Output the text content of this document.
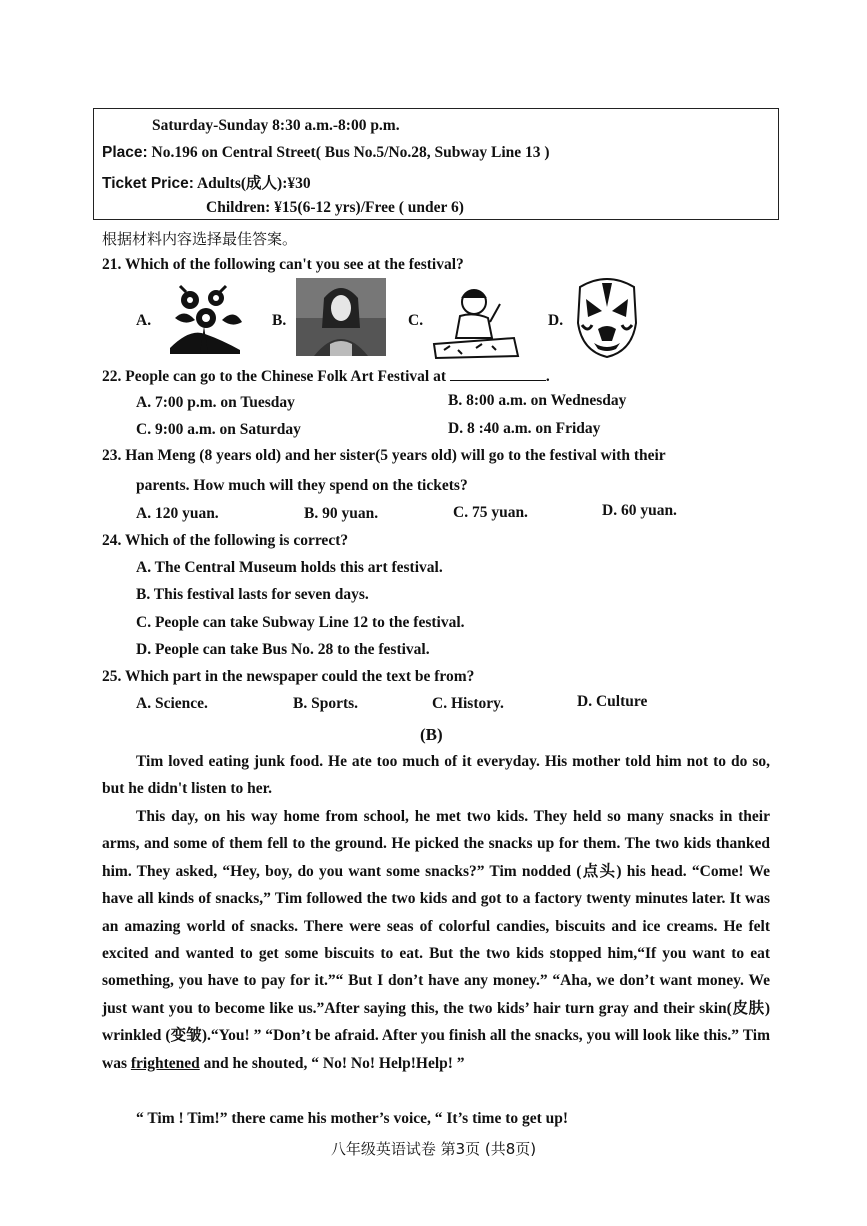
Saturday-Sunday 8:30 a.m.-8:00 p.m.
Place: No.196 on Central Street( Bus No.5/No.28, Subway Line 13 )
Ticket Price: Adults(成人):¥30
Children: ¥15(6-12 yrs)/Free ( under 6)
根据材料内容选择最佳答案。
21. Which of the following can't you see at the festival?
A.	B.	C.	D.
22. People can go to the Chinese Folk Art Festival at	.
A. 7:00 p.m. on Tuesday	B. 8:00 a.m. on Wednesday
C. 9:00 a.m. on Saturday	D. 8 :40 a.m. on Friday
23. Han Meng (8 years old) and her sister(5 years old) will go to the festival with their
parents. How much will they spend on the tickets?
A. 120 yuan.	B. 90 yuan.	C. 75 yuan.	D. 60 yuan.
24. Which of the following is correct?
A. The Central Museum holds this art festival.
B. This festival lasts for seven days.
C. People can take Subway Line 12 to the festival.
D. People can take Bus No. 28 to the festival.
25. Which part in the newspaper could the text be from?
A. Science.	B. Sports.	C. History.	D. Culture
(B)
Tim loved eating junk food. He ate too much of it everyday. His mother told him not to do so, but he didn't listen to her.
This day, on his way home from school, he met two kids. They held so many snacks in their arms, and some of them fell to the ground. He picked the snacks up for them. The two kids thanked him. They asked, “Hey, boy, do you want some snacks?” Tim nodded (点头) his head. “Come! We have all kinds of snacks,” Tim followed the two kids and got to a factory twenty minutes later. It was an amazing world of snacks. There were seas of colorful candies, biscuits and ice creams. He felt excited and wanted to get some biscuits to eat. But the two kids stopped him,“If you want to eat something, you have to pay for it.”“ But I don’t have any money.” “Aha, we don’t want money. We just want you to become like us.”After saying this, the two kids’ hair turn gray and their skin(皮肤) wrinkled (变皱).“You! ” “Don’t be afraid. After you finish all the snacks, you will look like this.” Tim was frightened and he shouted, “ No! No! Help!Help! ”
“ Tim ! Tim!” there came his mother’s voice, “ It’s time to get up!
八年级英语试卷 第3页 (共8页)
